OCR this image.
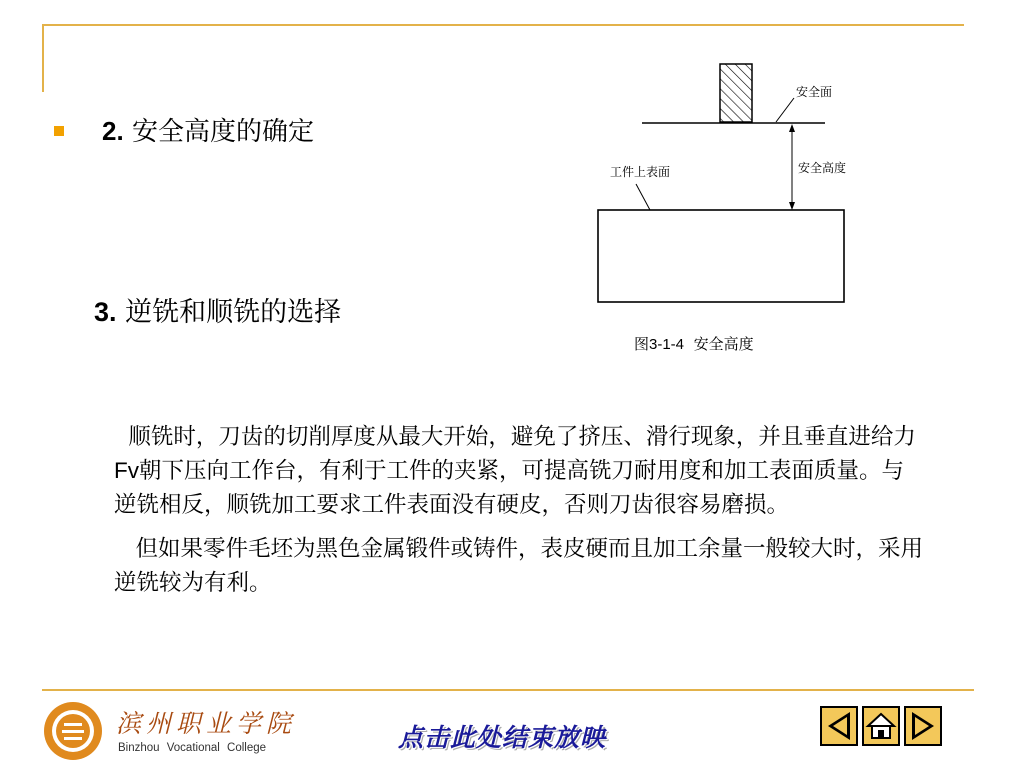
2. 安全高度的确定
3. 逆铣和顺铣的选择
安全面
安全高度
工件上表面
图3-1-4 安全高度

顺铣时，刀齿的切削厚度从最大开始，避免了挤压、滑行现象，并且垂直进给力Fv朝下压向工作台，有利于工件的夹紧，可提高铣刀耐用度和加工表面质量。与逆铣相反，顺铣加工要求工件表面没有硬皮，否则刀齿很容易磨损。

但如果零件毛坯为黑色金属锻件或铸件，表皮硬而且加工余量一般较大时，采用逆铣较为有利。

滨州职业学院
Binzhou Vocational College	点击此处结束放映
